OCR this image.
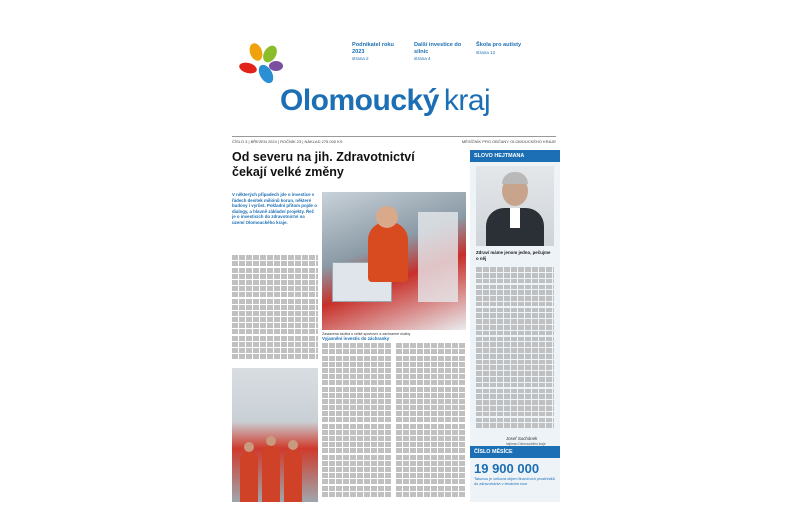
Podnikatel roku 2023
strana 2
Další investice do silnic
strana 4
Škola pro autisty
strana 12
Olomoucký kraj
ČÍSLO 3 | BŘEZEN 2024 | ROČNÍK 23 | NÁKLAD 275 000 KS	MĚSÍČNÍK PRO OBČANY OLOMOUCKÉHO KRAJE
Od severu na jih. Zdravotnictví čekají velké změny
V některých případech jde o investice v řádech desítek miliónů korun, některé budovy i vyrůst. Pokladní přitom pojde o dialogy, a hlavně základní projekty. Řeč je o investicích do zdravotnictví na území Olomouckého kraje.
Zastavena služba u velké sportovní a záchranné služby
Vyjasnění investic do záchranky
SLOVO HEJTMANA
Zdraví máme jenom jedno, pečujme o něj
Josef Suchánek
hejtman Olomouckého kraje
ČÍSLO MĚSÍCE
19 900 000
Takovou je celková objem finančních prostředků do zdravotnictví v letošním roce
